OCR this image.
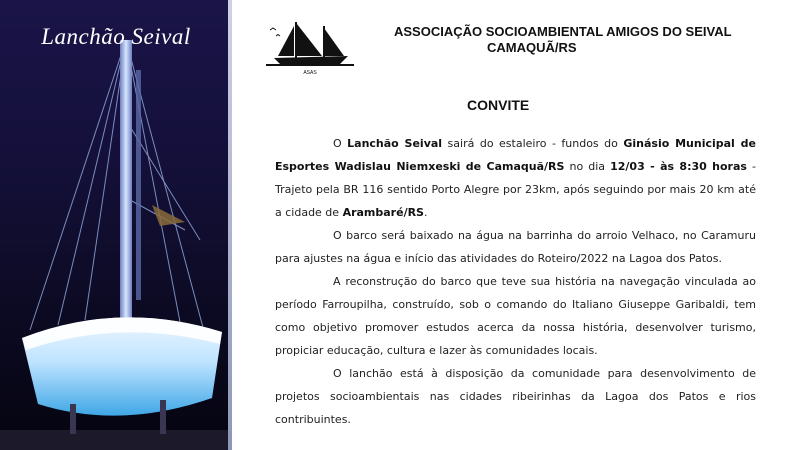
Lanchão Seival
ASAS
ASSOCIAÇÃO SOCIOAMBIENTAL AMIGOS DO SEIVAL
CAMAQUÃ/RS
CONVITE

O Lanchão Seival sairá do estaleiro - fundos do Ginásio Municipal de Esportes Wadislau Niemxeski de Camaquã/RS no dia 12/03 - às 8:30 horas - Trajeto pela BR 116 sentido Porto Alegre por 23km, após seguindo por mais 20 km até a cidade de Arambaré/RS.

O barco será baixado na água na barrinha do arroio Velhaco, no Caramuru para ajustes na água e início das atividades do Roteiro/2022 na Lagoa dos Patos.

A reconstrução do barco que teve sua história na navegação vinculada ao período Farroupilha, construído, sob o comando do Italiano Giuseppe Garibaldi, tem como objetivo promover estudos acerca da nossa história, desenvolver turismo, propiciar educação, cultura e lazer às comunidades locais.

O lanchão está à disposição da comunidade para desenvolvimento de projetos socioambientais nas cidades ribeirinhas da Lagoa dos Patos e rios contribuintes.
